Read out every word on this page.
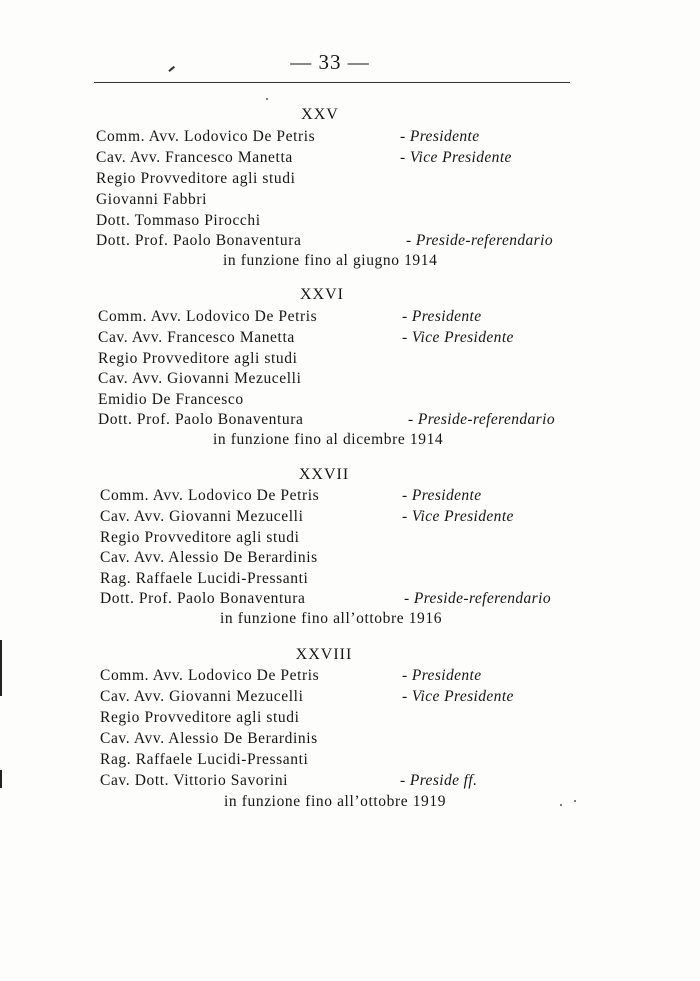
— 33 —
XXV
Comm. Avv. Lodovico De Petris	- Presidente
Cav. Avv. Francesco Manetta	- Vice Presidente
Regio Provveditore agli studi
Giovanni Fabbri
Dott. Tommaso Pirocchi
Dott. Prof. Paolo Bonaventura	- Preside-referendario
in funzione fino al giugno 1914
XXVI
Comm. Avv. Lodovico De Petris	- Presidente
Cav. Avv. Francesco Manetta	- Vice Presidente
Regio Provveditore agli studi
Cav. Avv. Giovanni Mezucelli
Emidio De Francesco
Dott. Prof. Paolo Bonaventura	- Preside-referendario
in funzione fino al dicembre 1914
XXVII
Comm. Avv. Lodovico De Petris	- Presidente
Cav. Avv. Giovanni Mezucelli	- Vice Presidente
Regio Provveditore agli studi
Cav. Avv. Alessio De Berardinis
Rag. Raffaele Lucidi-Pressanti
Dott. Prof. Paolo Bonaventura	- Preside-referendario
in funzione fino all’ottobre 1916
XXVIII
Comm. Avv. Lodovico De Petris	- Presidente
Cav. Avv. Giovanni Mezucelli	- Vice Presidente
Regio Provveditore agli studi
Cav. Avv. Alessio De Berardinis
Rag. Raffaele Lucidi-Pressanti
Cav. Dott. Vittorio Savorini	- Preside ff.
in funzione fino all’ottobre 1919
